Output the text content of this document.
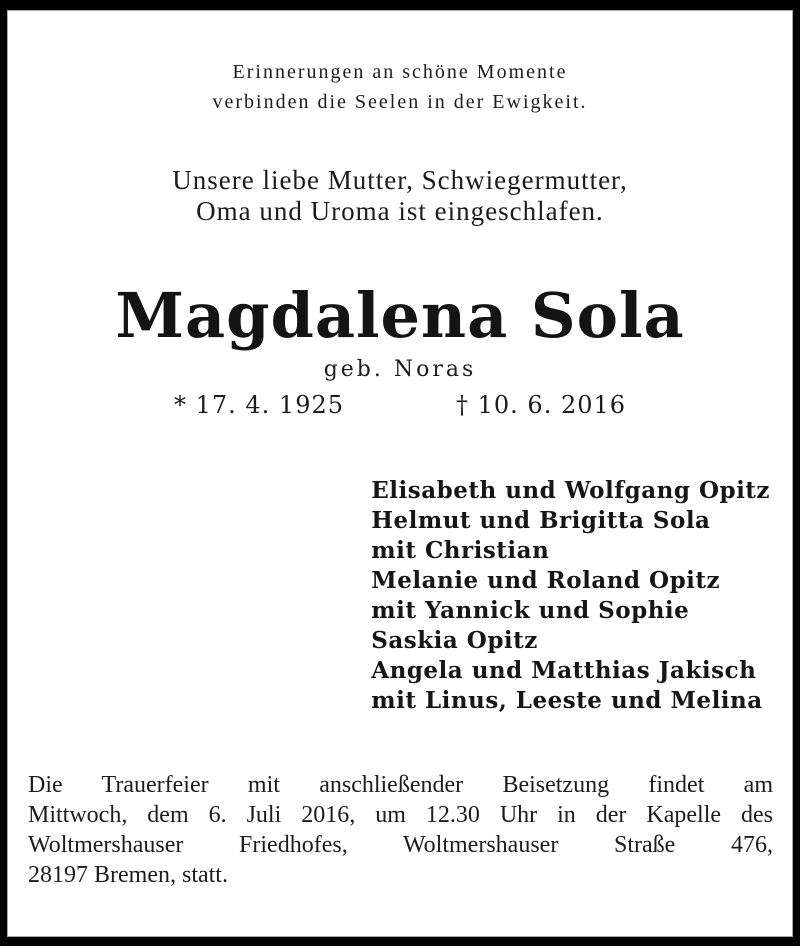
Erinnerungen an schöne Momente
verbinden die Seelen in der Ewigkeit.

Unsere liebe Mutter, Schwiegermutter,
Oma und Uroma ist eingeschlafen.

Magdalena Sola

geb. Noras

* 17. 4. 1925	† 10. 6. 2016
Elisabeth und Wolfgang Opitz
Helmut und Brigitta Sola
mit Christian
Melanie und Roland Opitz
mit Yannick und Sophie
Saskia Opitz
Angela und Matthias Jakisch
mit Linus, Leeste und Melina

Die Trauerfeier mit anschließender Beisetzung findet am
Mittwoch, dem 6. Juli 2016, um 12.30 Uhr in der Kapelle des
Woltmershauser Friedhofes, Woltmershauser Straße 476,
28197 Bremen, statt.
